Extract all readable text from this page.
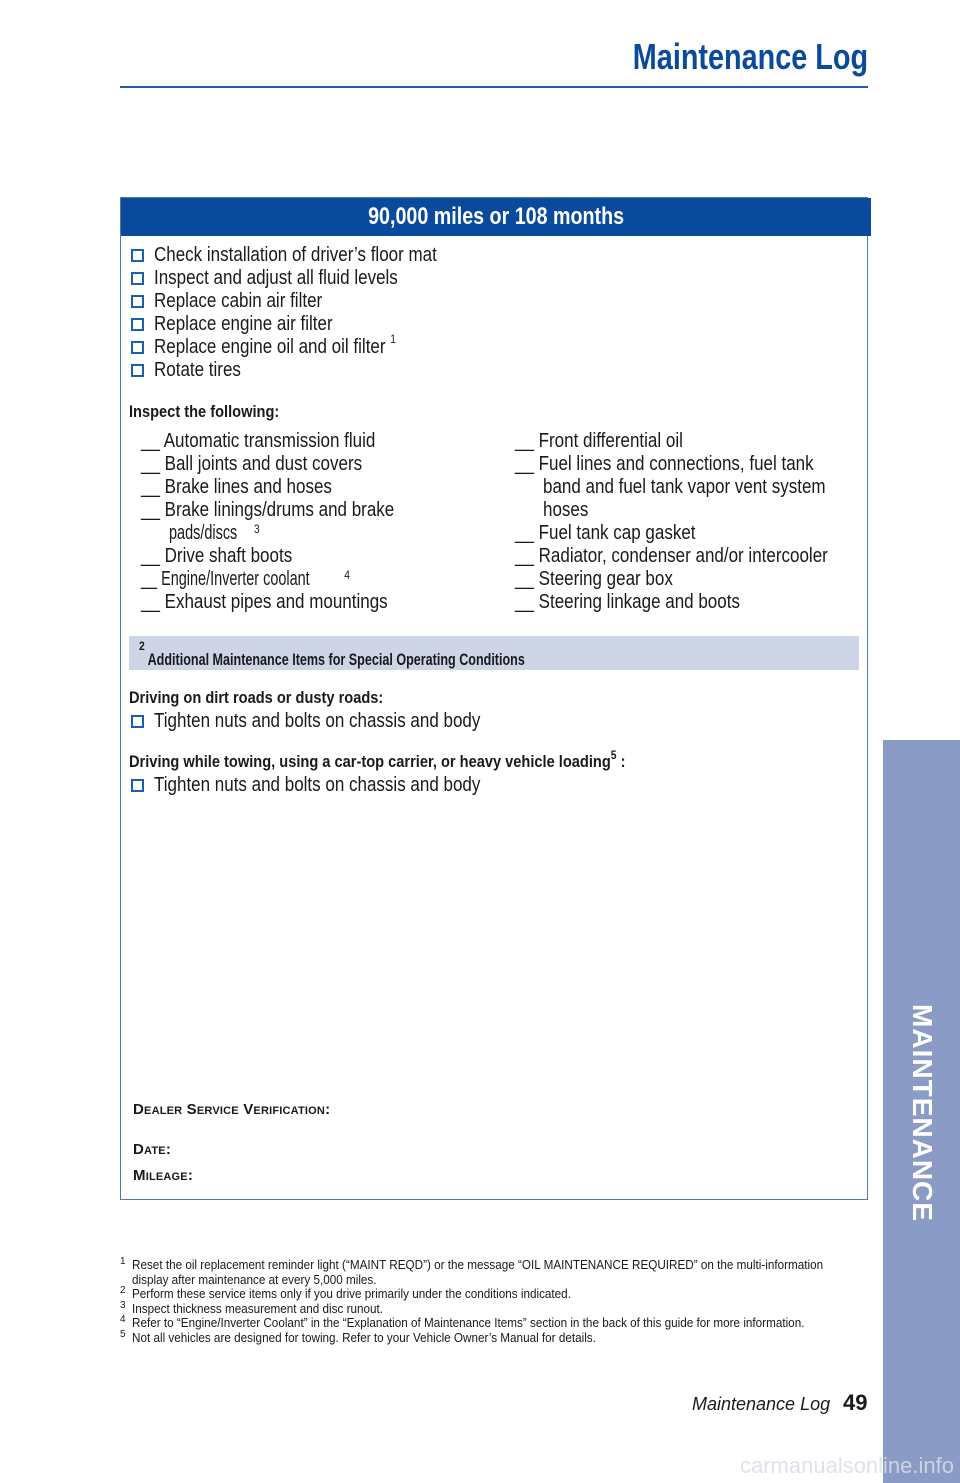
Maintenance Log
90,000 miles or 108 months
Check installation of driver’s floor mat
Inspect and adjust all fluid levels
Replace cabin air filter
Replace engine air filter
Replace engine oil and oil filter $^1$
Rotate tires
Inspect the following:
__ Automatic transmission fluid
__ Ball joints and dust covers
__ Brake lines and hoses
__ Brake linings/drums and brake
pads/discs $^3$
__ Drive shaft boots
__ Engine/Inverter coolant	$^4$
__ Exhaust pipes and mountings
__ Front differential oil
__ Fuel lines and connections, fuel tank
band and fuel tank vapor vent system
hoses
__ Fuel tank cap gasket
__ Radiator, condenser and/or intercooler
__ Steering gear box
__ Steering linkage and boots
Additional Maintenance Items for Special Operating Conditions
$^2$
Driving on dirt roads or dusty roads:
Tighten nuts and bolts on chassis and body
Driving while towing, using a car-top carrier, or heavy vehicle loading$^5$ :
Tighten nuts and bolts on chassis and body
Dealer Service Verification:
Date:
Mileage:
1 Reset the oil replacement reminder light (“MAINT REQD”) or the message “OIL MAINTENANCE REQUIRED” on the multi-information display after maintenance at every 5,000 miles.
2 Perform these service items only if you drive primarily under the conditions indicated.
3 Inspect thickness measurement and disc runout.
4 Refer to “Engine/Inverter Coolant” in the “Explanation of Maintenance Items” section in the back of this guide for more information.
5 Not all vehicles are designed for towing. Refer to your Vehicle Owner’s Manual for details.
Maintenance Log 49
MAINTENANCE
carmanualsonline.info
